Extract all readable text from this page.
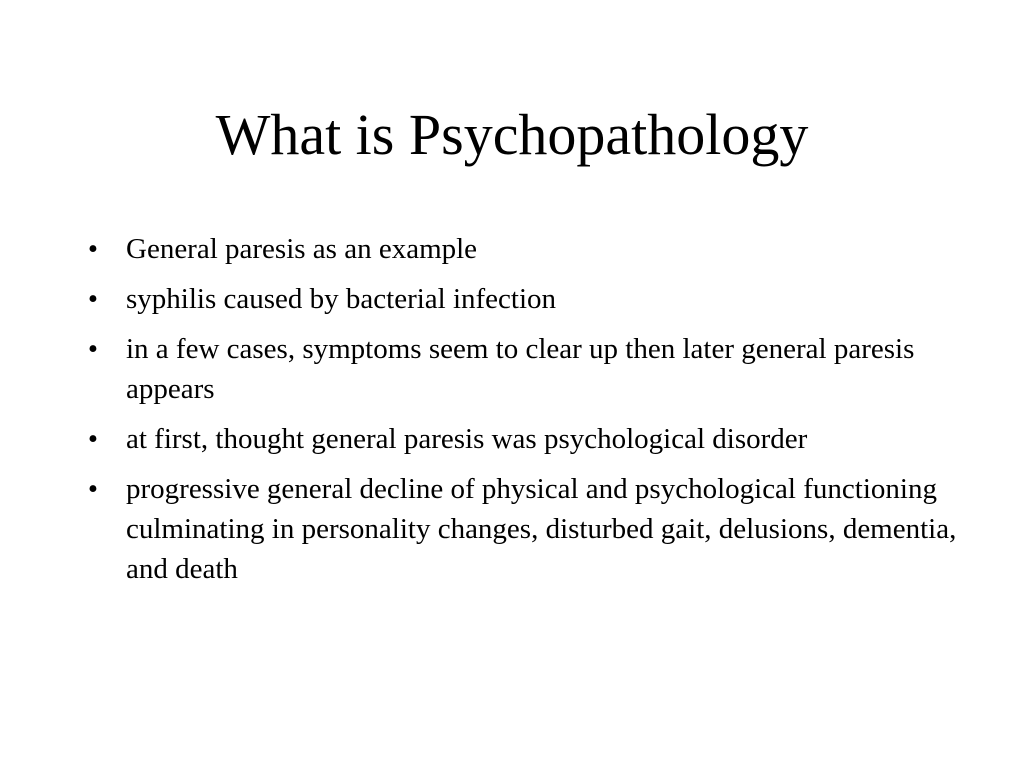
What is Psychopathology
• General paresis as an example
• syphilis caused by bacterial infection
• in a few cases, symptoms seem to clear up then later general paresis appears
• at first, thought general paresis was psychological disorder
• progressive general decline of physical and psychological functioning culminating in personality changes, disturbed gait, delusions, dementia, and death
